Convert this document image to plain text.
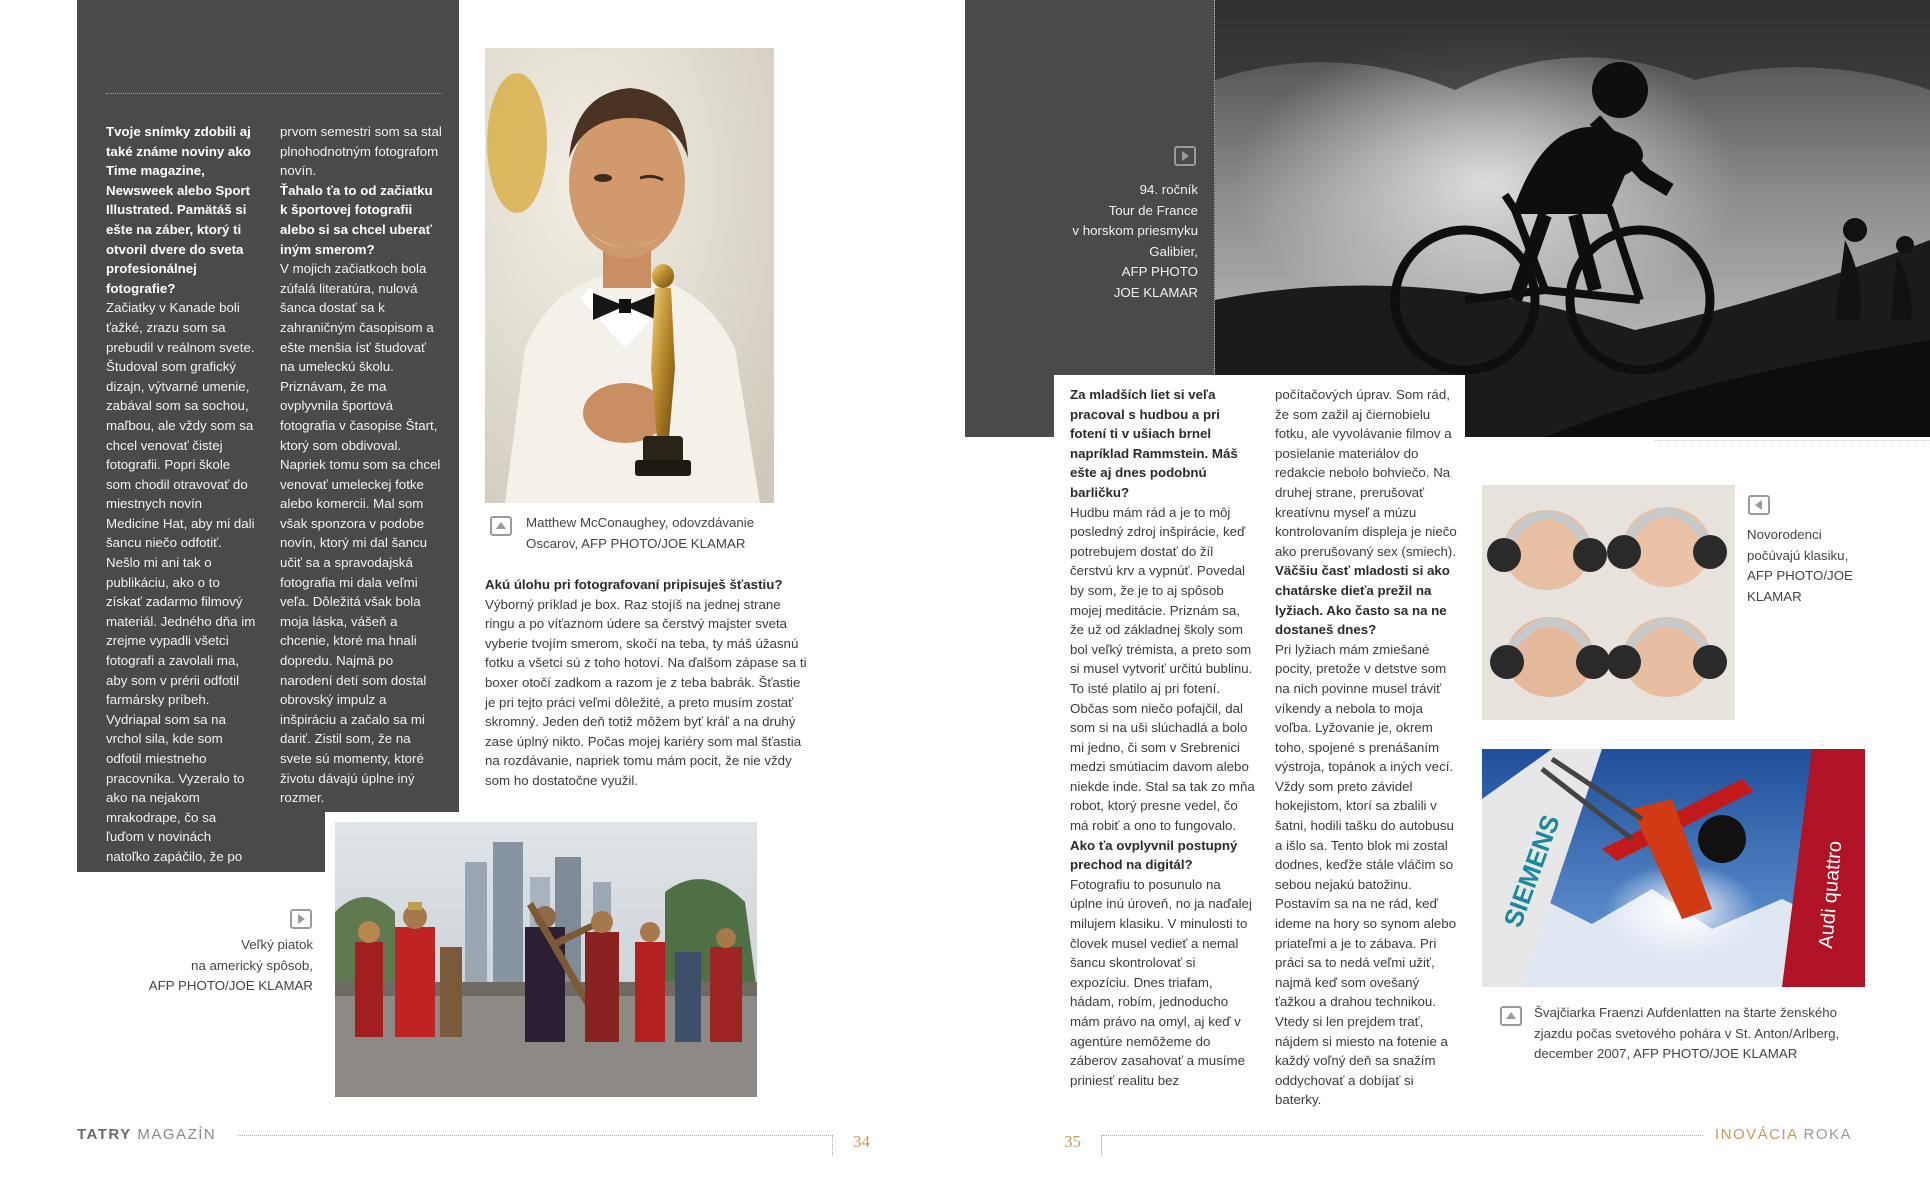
Tvoje snímky zdobili aj také známe noviny ako Time magazine, Newsweek alebo Sport Illustrated. Pamätáš si ešte na záber, ktorý ti otvoril dvere do sveta profesionálnej fotografie?

Začiatky v Kanade boli ťažké, zrazu som sa prebudil v reálnom svete. Študoval som grafický dizajn, výtvarné umenie, zabával som sa sochou, maľbou, ale vždy som sa chcel venovať čistej fotografii. Popri škole som chodil otravovať do miestnych novín Medicine Hat, aby mi dali šancu niečo odfotiť. Nešlo mi ani tak o publikáciu, ako o to získať zadarmo filmový materiál. Jedného dňa im zrejme vypadli všetci fotografi a zavolali ma, aby som v prérii odfotil farmársky príbeh. Vydriapal som sa na vrchol sila, kde som odfotil miestneho pracovníka. Vyzeralo to ako na nejakom mrakodrape, čo sa ľuďom v novinách natoľko zapáčilo, že po

prvom semestri som sa stal plnohodnotným fotografom novín.

Ťahalo ťa to od začiatku k športovej fotografii alebo si sa chcel uberať iným smerom?

V mojich začiatkoch bola zúfalá literatúra, nulová šanca dostať sa k zahraničným časopisom a ešte menšia ísť študovať na umeleckú školu. Priznávam, že ma ovplyvnila športová fotografia v časopise Štart, ktorý som obdivoval. Napriek tomu som sa chcel venovať umeleckej fotke alebo komercii. Mal som však sponzora v podobe novín, ktorý mi dal šancu učiť sa a spravodajská fotografia mi dala veľmi veľa. Dôležitá však bola moja láska, vášeň a chcenie, ktoré ma hnali dopredu. Najmä po narodení detí som dostal obrovský impulz a inšpiráciu a začalo sa mi dariť. Zistil som, že na svete sú momenty, ktoré životu dávajú úplne iný rozmer.

Matthew McConaughey, odovzdávanie Oscarov, AFP PHOTO/JOE KLAMAR

Akú úlohu pri fotografovaní pripisuješ šťastiu?

Výborný príklad je box. Raz stojíš na jednej strane ringu a po víťaznom údere sa čerstvý majster sveta vyberie tvojím smerom, skočí na teba, ty máš úžasnú fotku a všetci sú z toho hotoví. Na ďalšom zápase sa ti boxer otočí zadkom a razom je z teba babrák. Šťastie je pri tejto práci veľmi dôležité, a preto musím zostať skromný. Jeden deň totiž môžem byť kráľ a na druhý zase úplný nikto. Počas mojej kariéry som mal šťastia na rozdávanie, napriek tomu mám pocit, že nie vždy som ho dostatočne využil.

Veľký piatok
na americký spôsob,
AFP PHOTO/JOE KLAMAR
TATRY MAGAZÍN	34
94. ročník
Tour de France
v horskom priesmyku
Galibier,
AFP PHOTO
JOE KLAMAR

Za mladších liet si veľa pracoval s hudbou a pri fotení ti v ušiach brnel napríklad Rammstein. Máš ešte aj dnes podobnú barličku?

Hudbu mám rád a je to môj posledný zdroj inšpirácie, keď potrebujem dostať do žíl čerstvú krv a vypnúť. Povedal by som, že je to aj spôsob mojej meditácie. Priznám sa, že už od základnej školy som bol veľký trémista, a preto som si musel vytvoriť určitú bublinu. To isté platilo aj pri fotení. Občas som niečo pofajčil, dal som si na uši slúchadlá a bolo mi jedno, či som v Srebrenici medzi smútiacim davom alebo niekde inde. Stal sa tak zo mňa robot, ktorý presne vedel, čo má robiť a ono to fungovalo.

Ako ťa ovplyvnil postupný prechod na digitál?

Fotografiu to posunulo na úplne inú úroveň, no ja naďalej milujem klasiku. V minulosti to človek musel vedieť a nemal šancu skontrolovať si expozíciu. Dnes triafam, hádam, robím, jednoducho mám právo na omyl, aj keď v agentúre nemôžeme do záberov zasahovať a musíme priniesť realitu bez

počítačových úprav. Som rád, že som zažil aj čiernobielu fotku, ale vyvolávanie filmov a posielanie materiálov do redakcie nebolo bohviečo. Na druhej strane, prerušovať kreatívnu myseľ a múzu kontrolovaním displeja je niečo ako prerušovaný sex (smiech).

Väčšiu časť mladosti si ako chatárske dieťa prežil na lyžiach. Ako často sa na ne dostaneš dnes?

Pri lyžiach mám zmiešané pocity, pretože v detstve som na nich povinne musel tráviť víkendy a nebola to moja voľba. Lyžovanie je, okrem toho, spojené s prenášaním výstroja, topánok a iných vecí. Vždy som preto závidel hokejistom, ktorí sa zbalili v šatni, hodili tašku do autobusu a išlo sa. Tento blok mi zostal dodnes, keďže stále vláčim so sebou nejakú batožinu. Postavím sa na ne rád, keď ideme na hory so synom alebo priateľmi a je to zábava. Pri práci sa to nedá veľmi užiť, najmä keď som ovešaný ťažkou a drahou technikou. Vtedy si len prejdem trať, nájdem si miesto na fotenie a každý voľný deň sa snažím oddychovať a dobíjať si baterky.

Novorodenci počúvajú klasiku, AFP PHOTO/JOE KLAMAR
Švajčiarka Fraenzi Aufdenlatten na štarte ženského zjazdu počas svetového pohára v St. Anton/Arlberg, december 2007, AFP PHOTO/JOE KLAMAR
35	INOVÁCIA ROKA
